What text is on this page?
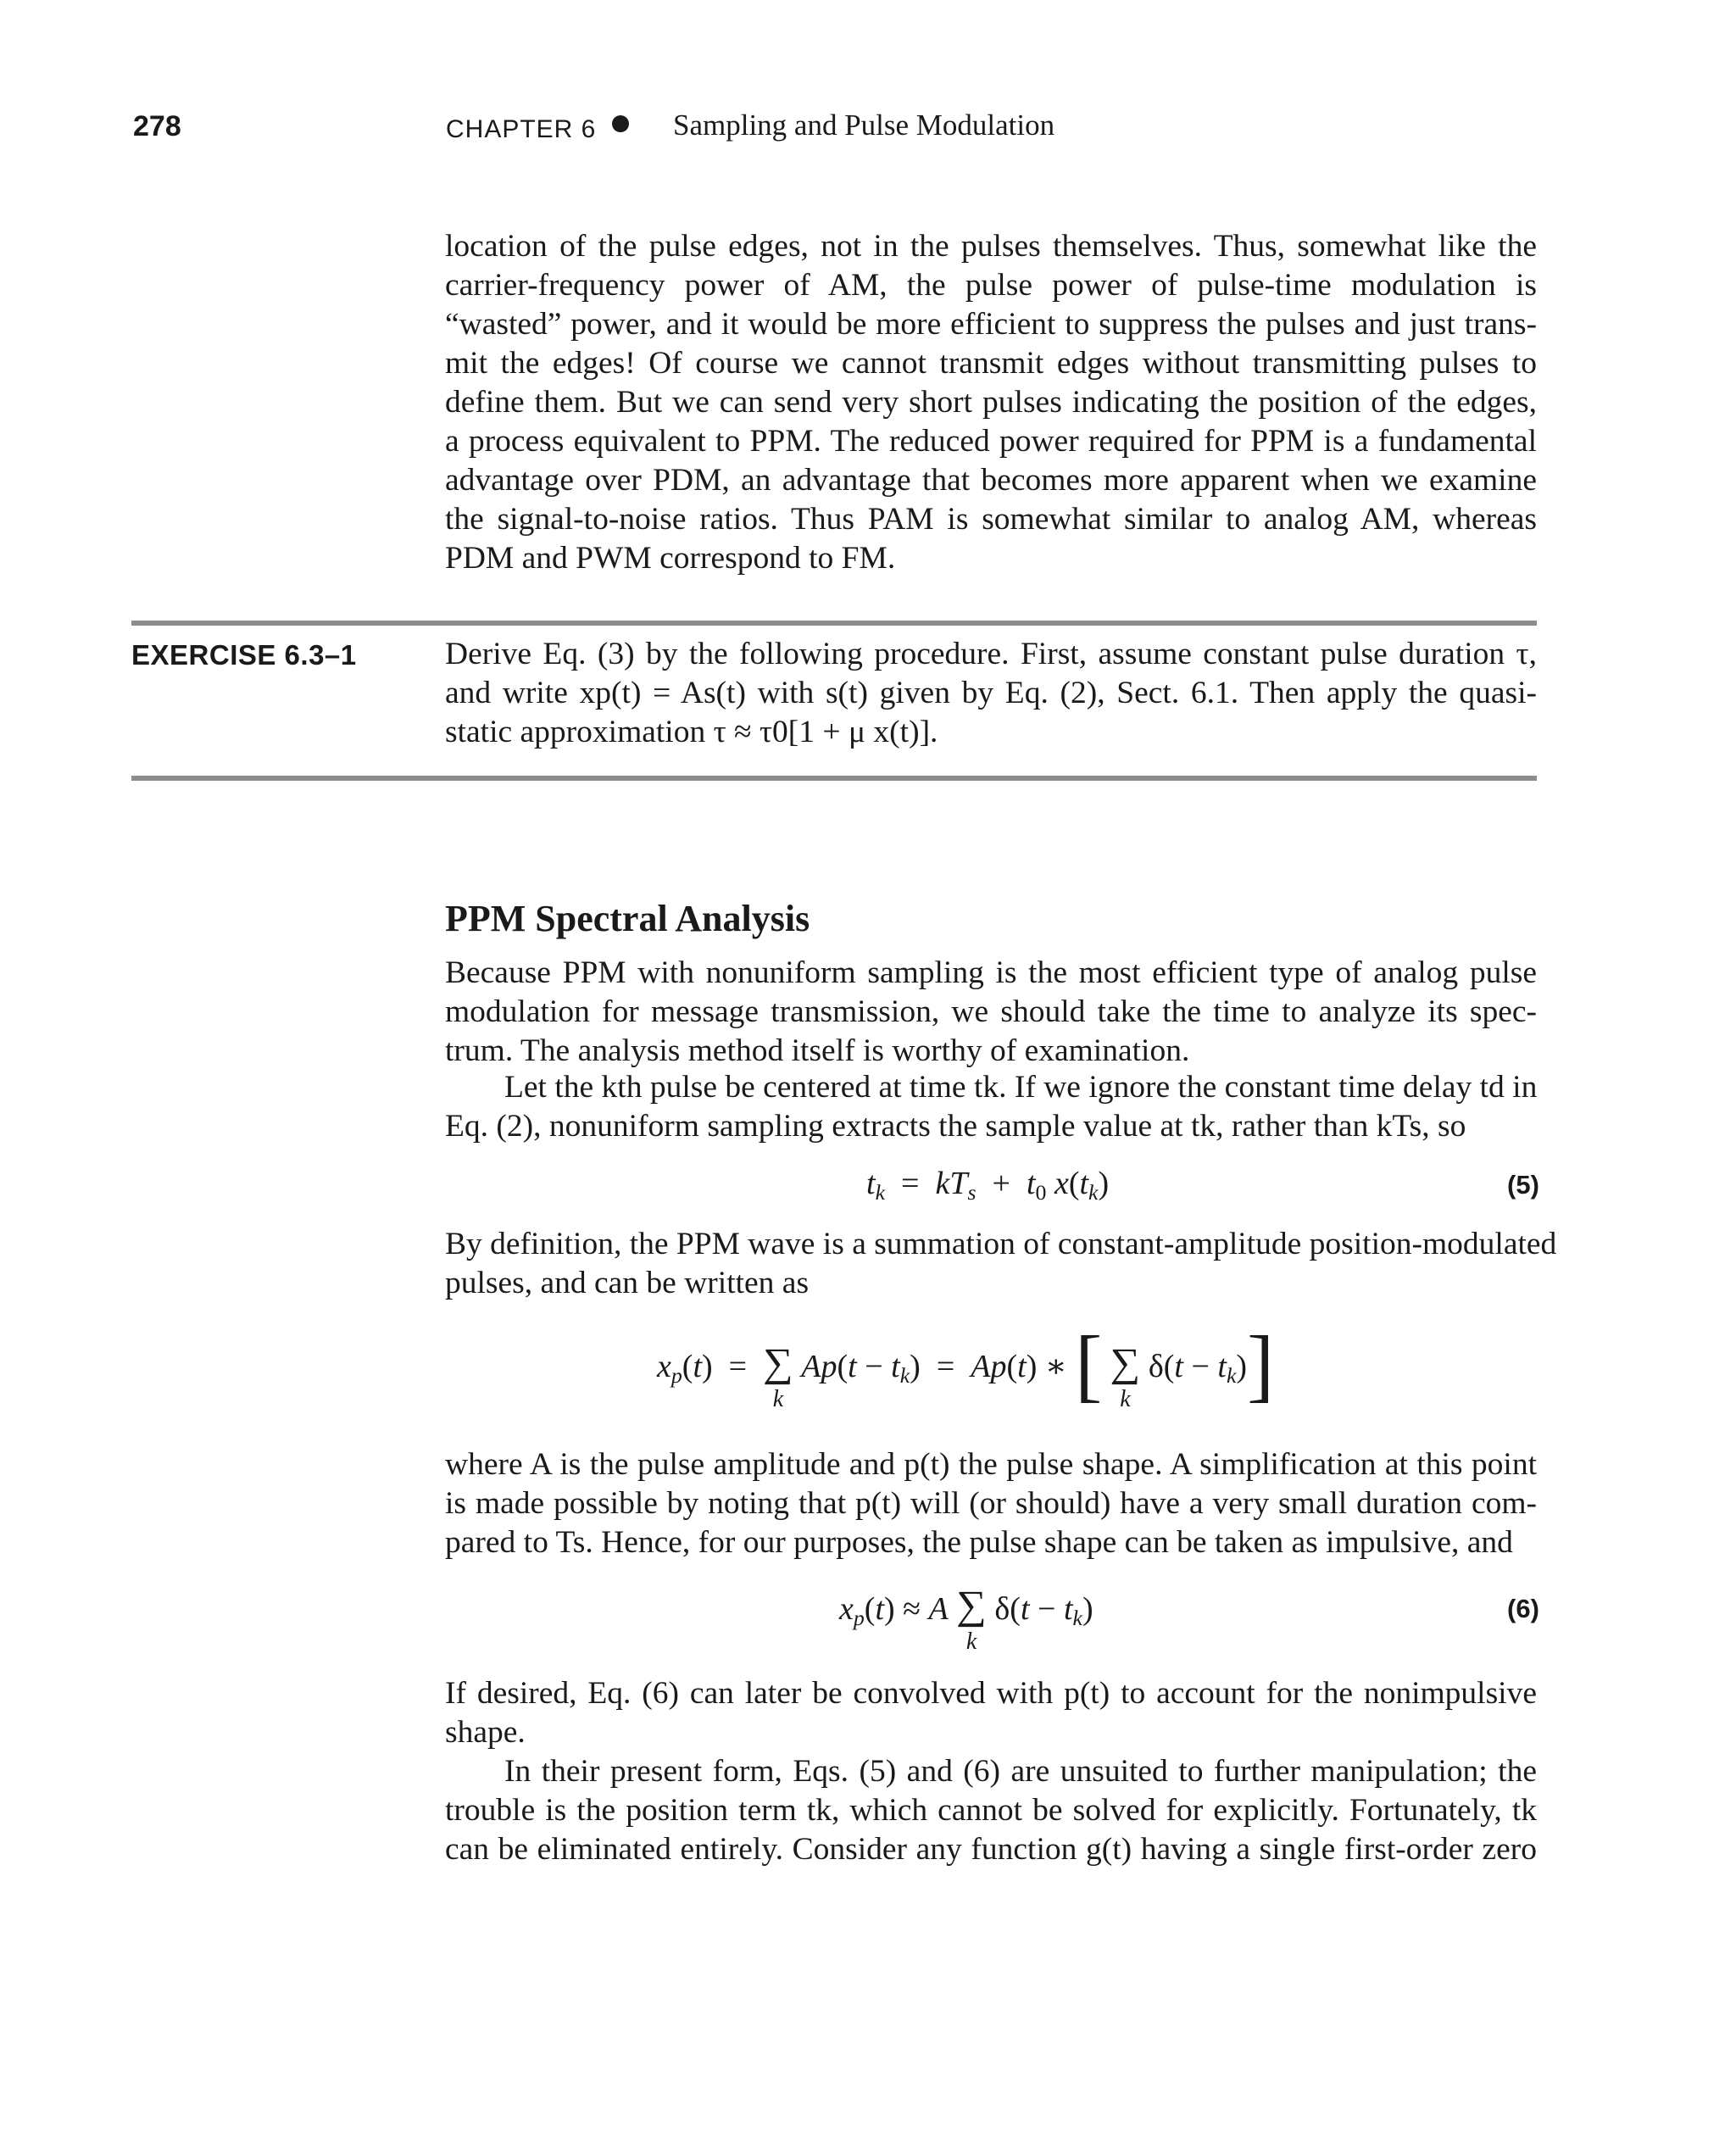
278	CHAPTER 6	Sampling and Pulse Modulation
location of the pulse edges, not in the pulses themselves. Thus, somewhat like the
carrier-frequency power of AM, the pulse power of pulse-time modulation is
“wasted” power, and it would be more efficient to suppress the pulses and just trans-
mit the edges! Of course we cannot transmit edges without transmitting pulses to
define them. But we can send very short pulses indicating the position of the edges,
a process equivalent to PPM. The reduced power required for PPM is a fundamental
advantage over PDM, an advantage that becomes more apparent when we examine
the signal-to-noise ratios. Thus PAM is somewhat similar to analog AM, whereas
PDM and PWM correspond to FM.
EXERCISE 6.3–1	Derive Eq. (3) by the following procedure. First, assume constant pulse duration τ,
and write xp(t) = As(t) with s(t) given by Eq. (2), Sect. 6.1. Then apply the quasi-
static approximation τ ≈ τ0[1 + μ x(t)].
PPM Spectral Analysis
Because PPM with nonuniform sampling is the most efficient type of analog pulse
modulation for message transmission, we should take the time to analyze its spec-
trum. The analysis method itself is worthy of examination.
Let the kth pulse be centered at time tk. If we ignore the constant time delay td in
Eq. (2), nonuniform sampling extracts the sample value at tk, rather than kTs, so
$t_k = kT_s + t_0$ $x(t_k)$	(5)
By definition, the PPM wave is a summation of constant-amplitude position-modulated
pulses, and can be written as
$x_p(t)$  =  ∑
k
$Ap(t - t_k) = Ap(t)$ ∗ [ ∑
k
$\delta(t - t_k)$]
where A is the pulse amplitude and p(t) the pulse shape. A simplification at this point
is made possible by noting that p(t) will (or should) have a very small duration com-
pared to Ts. Hence, for our purposes, the pulse shape can be taken as impulsive, and
$x_p(t) \approx A$ ∑
k
$\delta(t - t_k)$	(6)
If desired, Eq. (6) can later be convolved with p(t) to account for the nonimpulsive
shape.
In their present form, Eqs. (5) and (6) are unsuited to further manipulation; the
trouble is the position term tk, which cannot be solved for explicitly. Fortunately, tk
can be eliminated entirely. Consider any function g(t) having a single first-order zero
